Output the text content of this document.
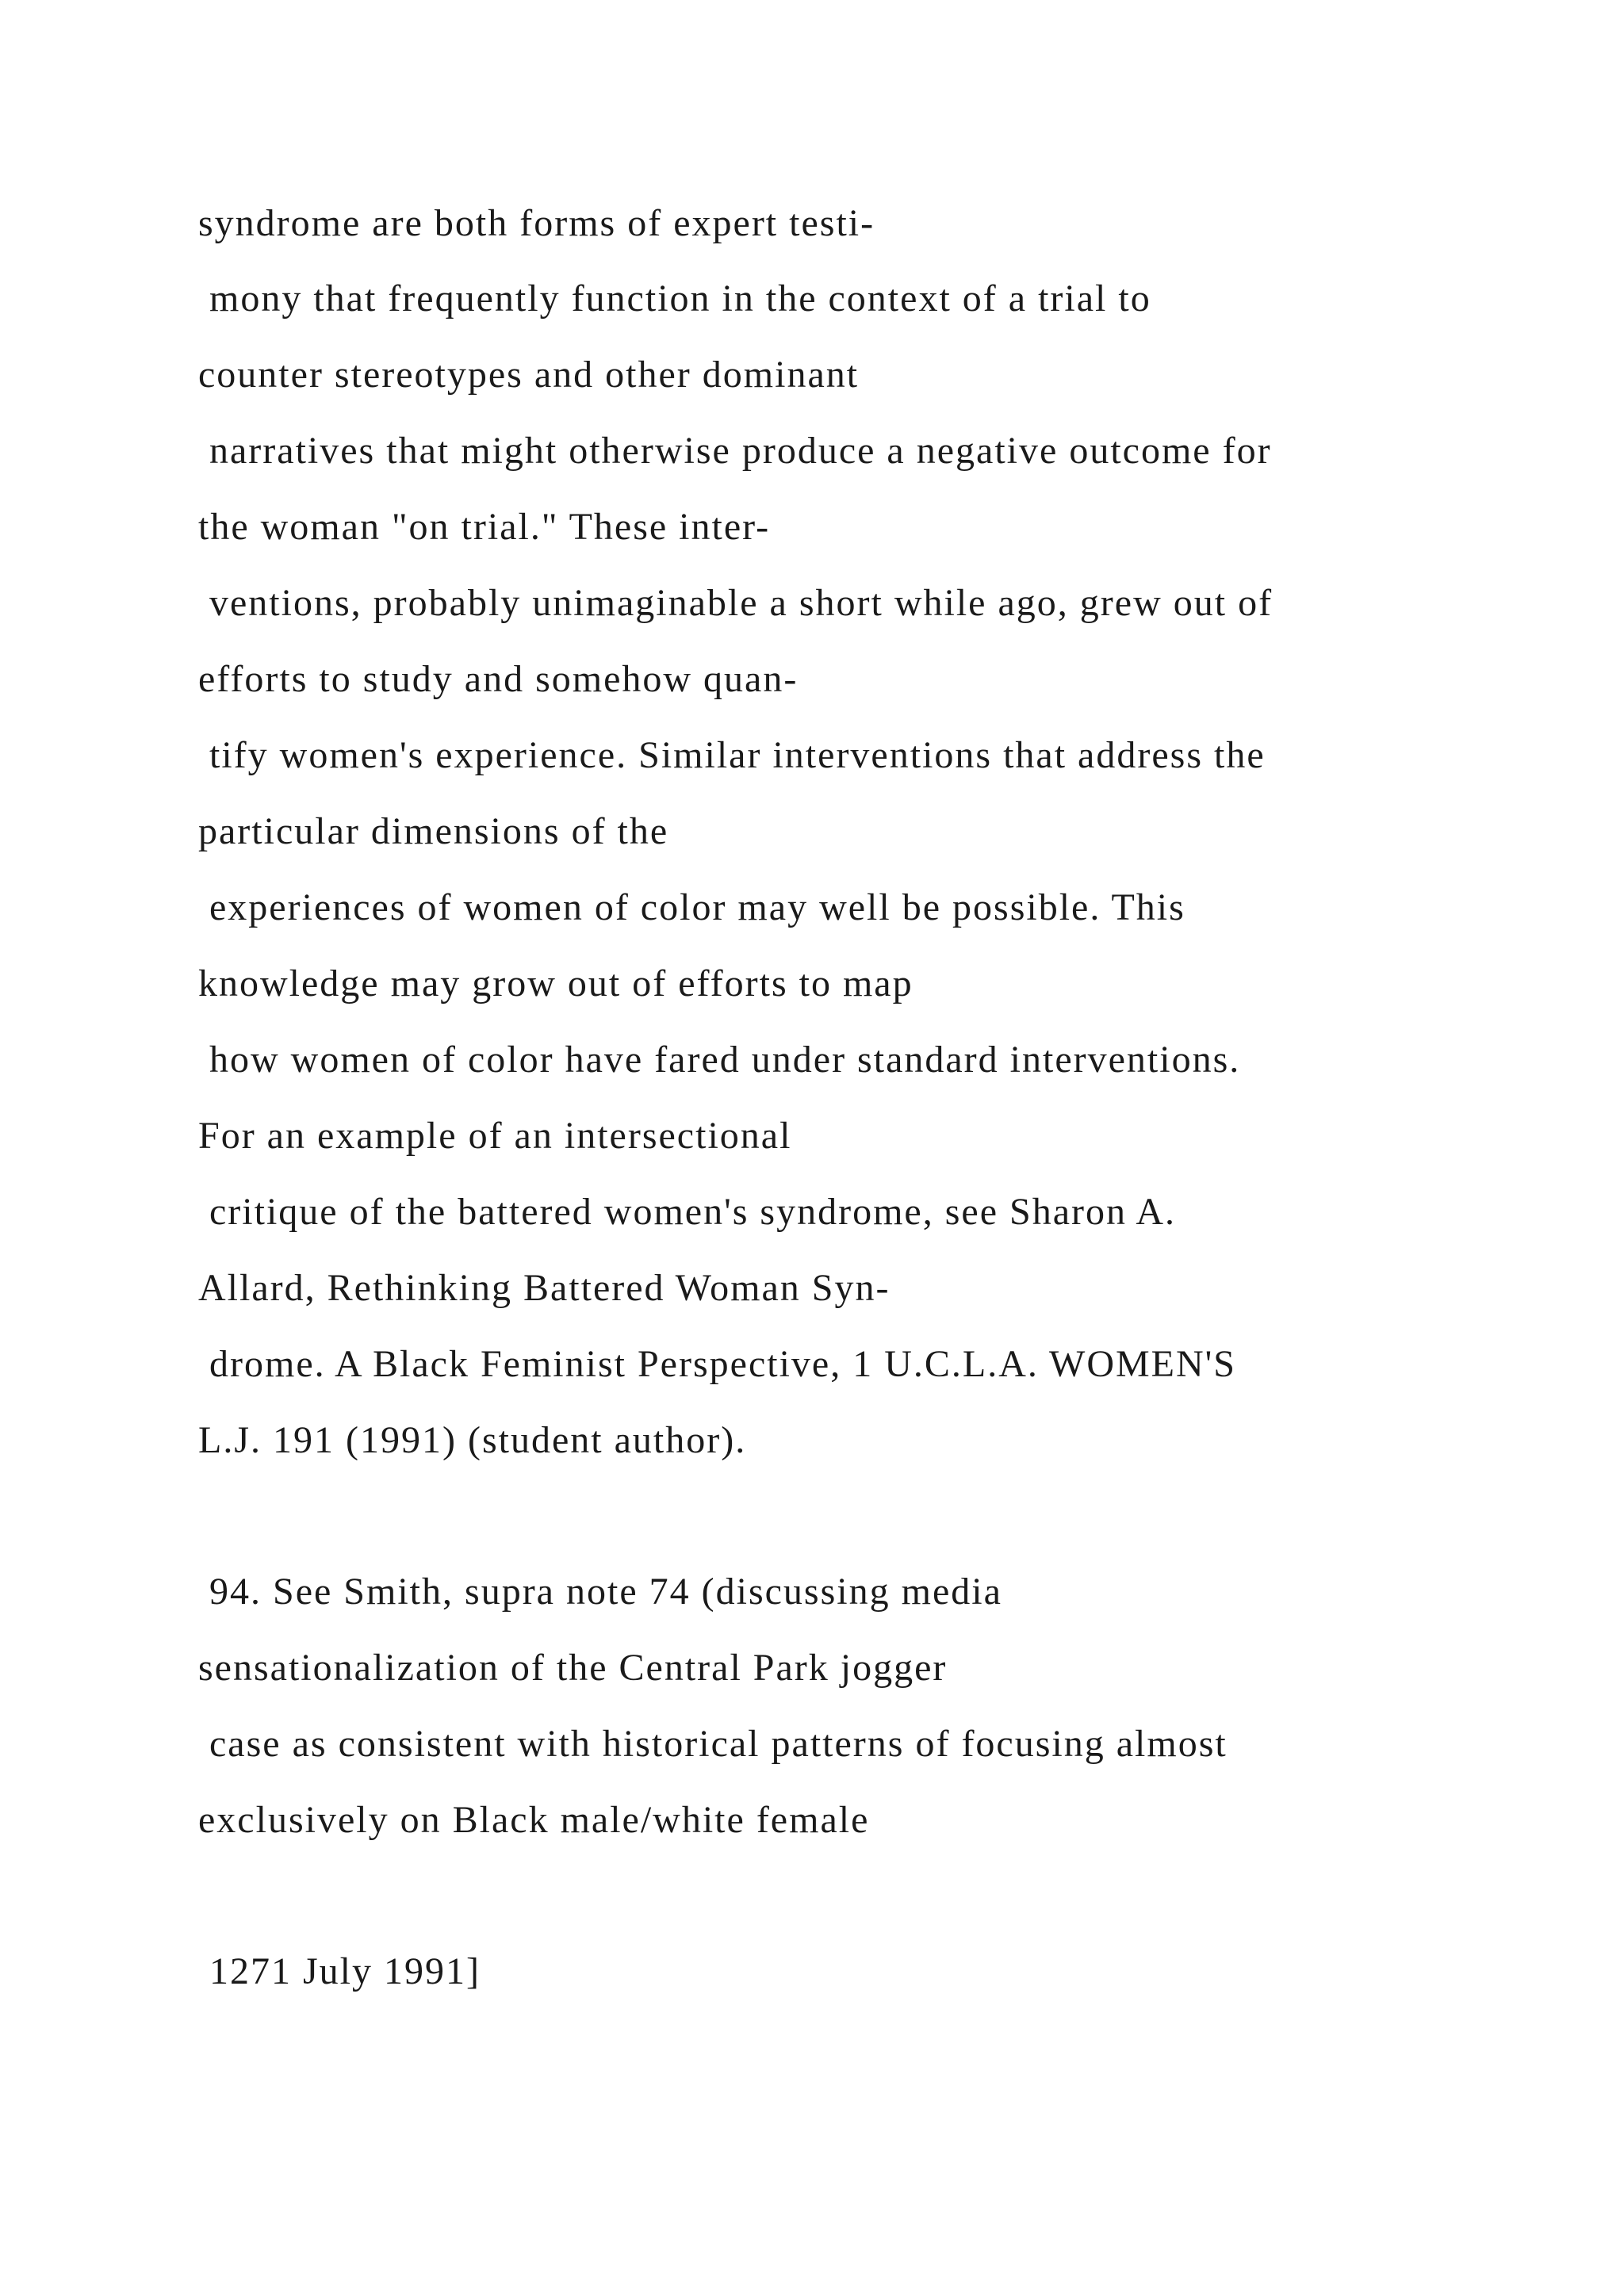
syndrome are both forms of expert testi-
mony that frequently function in the context of a trial to
counter stereotypes and other dominant
narratives that might otherwise produce a negative outcome for
the woman "on trial." These inter-
ventions, probably unimaginable a short while ago, grew out of
efforts to study and somehow quan-
tify women's experience. Similar interventions that address the
particular dimensions of the
experiences of women of color may well be possible. This
knowledge may grow out of efforts to map
how women of color have fared under standard interventions.
For an example of an intersectional
critique of the battered women's syndrome, see Sharon A.
Allard, Rethinking Battered Woman Syn-
drome. A Black Feminist Perspective, 1 U.C.L.A. WOMEN'S
L.J. 191 (1991) (student author).
94. See Smith, supra note 74 (discussing media
sensationalization of the Central Park jogger
case as consistent with historical patterns of focusing almost
exclusively on Black male/white female
1271 July 1991]
